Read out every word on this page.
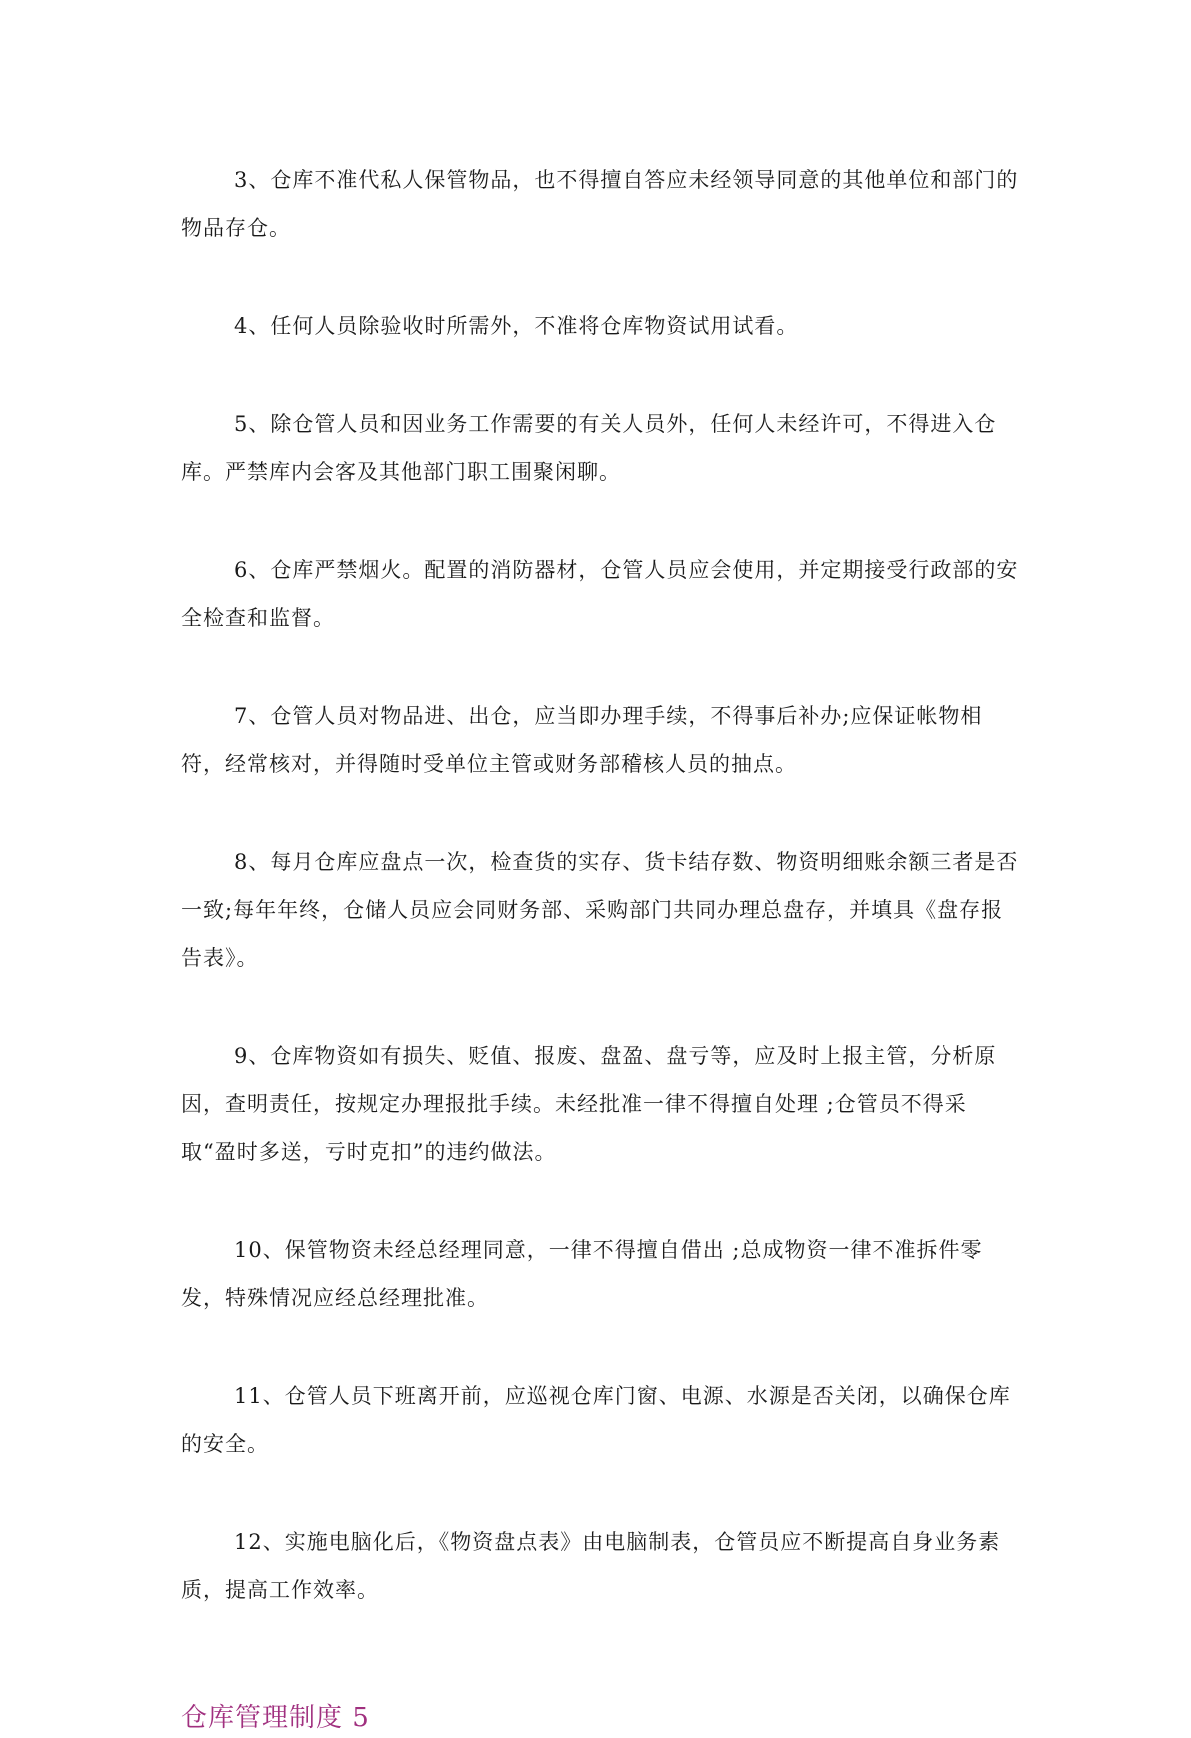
3、仓库不准代私人保管物品，也不得擅自答应未经领导同意的其他单位和部门的物品存仓。

4、任何人员除验收时所需外，不准将仓库物资试用试看。

5、除仓管人员和因业务工作需要的有关人员外，任何人未经许可，不得进入仓库。严禁库内会客及其他部门职工围聚闲聊。

6、仓库严禁烟火。配置的消防器材，仓管人员应会使用，并定期接受行政部的安全检查和监督。

7、仓管人员对物品进、出仓，应当即办理手续，不得事后补办;应保证帐物相符，经常核对，并得随时受单位主管或财务部稽核人员的抽点。

8、每月仓库应盘点一次，检查货的实存、货卡结存数、物资明细账余额三者是否一致;每年年终，仓储人员应会同财务部、采购部门共同办理总盘存，并填具《盘存报告表》。

9、仓库物资如有损失、贬值、报废、盘盈、盘亏等，应及时上报主管，分析原因，查明责任，按规定办理报批手续。未经批准一律不得擅自处理 ;仓管员不得采取“盈时多送，亏时克扣”的违约做法。

10、保管物资未经总经理同意，一律不得擅自借出 ;总成物资一律不准拆件零发，特殊情况应经总经理批准。

11、仓管人员下班离开前，应巡视仓库门窗、电源、水源是否关闭，以确保仓库的安全。

12、实施电脑化后，《物资盘点表》由电脑制表，仓管员应不断提高自身业务素质，提高工作效率。

仓库管理制度 5
